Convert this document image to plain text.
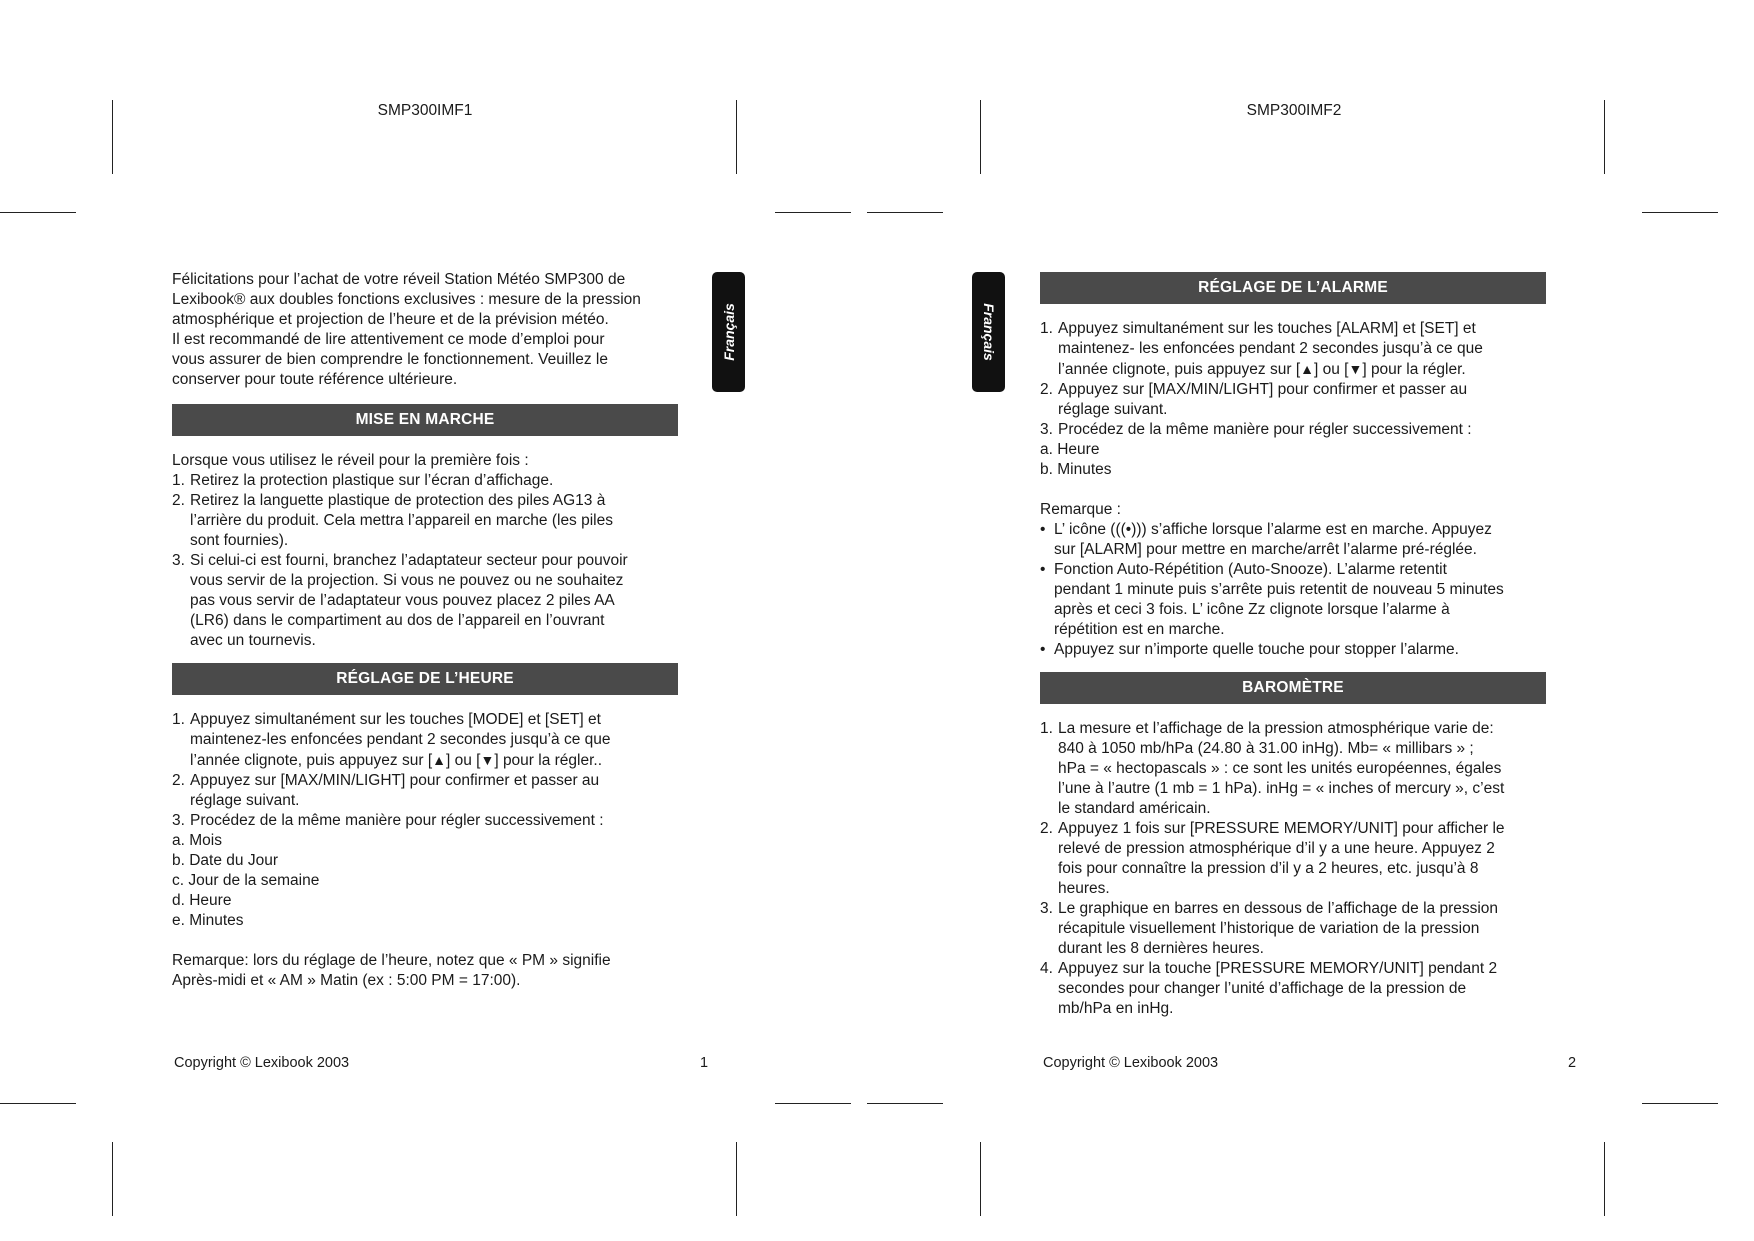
SMP300IMF1	SMP300IMF2
Français	Français

Félicitations pour l’achat de votre réveil Station Météo SMP300 de

Lexibook® aux doubles fonctions exclusives : mesure de la pression

atmosphérique et projection de l’heure et de la prévision météo.

Il est recommandé de lire attentivement ce mode d’emploi pour

vous assurer de bien comprendre le fonctionnement. Veuillez le

conserver pour toute référence ultérieure.

MISE EN MARCHE

Lorsque vous utilisez le réveil pour la première fois :

1. Retirez la protection plastique sur l’écran d’affichage.

2. Retirez la languette plastique de protection des piles AG13 à

l’arrière du produit. Cela mettra l’appareil en marche (les piles

sont fournies).

3. Si celui-ci est fourni, branchez l’adaptateur secteur pour pouvoir

vous servir de la projection. Si vous ne pouvez ou ne souhaitez

pas vous servir de l’adaptateur vous pouvez placez 2 piles AA

(LR6) dans le compartiment au dos de l’appareil en l’ouvrant

avec un tournevis.

RÉGLAGE DE L’HEURE
1. Appuyez simultanément sur les touches [MODE] et [SET] et

maintenez-les enfoncées pendant 2 secondes jusqu’à ce que

l’année clignote, puis appuyez sur [▲] ou [▼] pour la régler..

2. Appuyez sur [MAX/MIN/LIGHT] pour confirmer et passer au

réglage suivant.

3. Procédez de la même manière pour régler successivement :

a. Mois
b. Date du Jour
c. Jour de la semaine
d. Heure
e. Minutes

Remarque: lors du réglage de l’heure, notez que « PM » signifie

Après-midi et « AM » Matin (ex : 5:00 PM = 17:00).

RÉGLAGE DE L’ALARME
1. Appuyez simultanément sur les touches [ALARM] et [SET] et

maintenez- les enfoncées pendant 2 secondes jusqu’à ce que

l’année clignote, puis appuyez sur [▲] ou [▼] pour la régler.

2. Appuyez sur [MAX/MIN/LIGHT] pour confirmer et passer au

réglage suivant.

3. Procédez de la même manière pour régler successivement :

a. Heure
b. Minutes

Remarque :

• L’ icône (((•))) s’affiche lorsque l’alarme est en marche. Appuyez

sur [ALARM] pour mettre en marche/arrêt l’alarme pré-réglée.

• Fonction Auto-Répétition (Auto-Snooze). L’alarme retentit

pendant 1 minute puis s’arrête puis retentit de nouveau 5 minutes

après et ceci 3 fois. L’ icône Zz clignote lorsque l’alarme à

répétition est en marche.

• Appuyez sur n’importe quelle touche pour stopper l’alarme.

BAROMÈTRE
1. La mesure et l’affichage de la pression atmosphérique varie de:

840 à 1050 mb/hPa (24.80 à 31.00 inHg). Mb= « millibars » ;

hPa = « hectopascals » : ce sont les unités européennes, égales

l’une à l’autre (1 mb = 1 hPa). inHg = « inches of mercury », c’est

le standard américain.

2. Appuyez 1 fois sur [PRESSURE MEMORY/UNIT] pour afficher le

relevé de pression atmosphérique d’il y a une heure. Appuyez 2

fois pour connaître la pression d’il y a 2 heures, etc. jusqu’à 8

heures.

3. Le graphique en barres en dessous de l’affichage de la pression

récapitule visuellement l’historique de variation de la pression

durant les 8 dernières heures.

4. Appuyez sur la touche [PRESSURE MEMORY/UNIT] pendant 2

secondes pour changer l’unité d’affichage de la pression de

mb/hPa en inHg.

Copyright © Lexibook 2003	1	Copyright © Lexibook 2003	2
